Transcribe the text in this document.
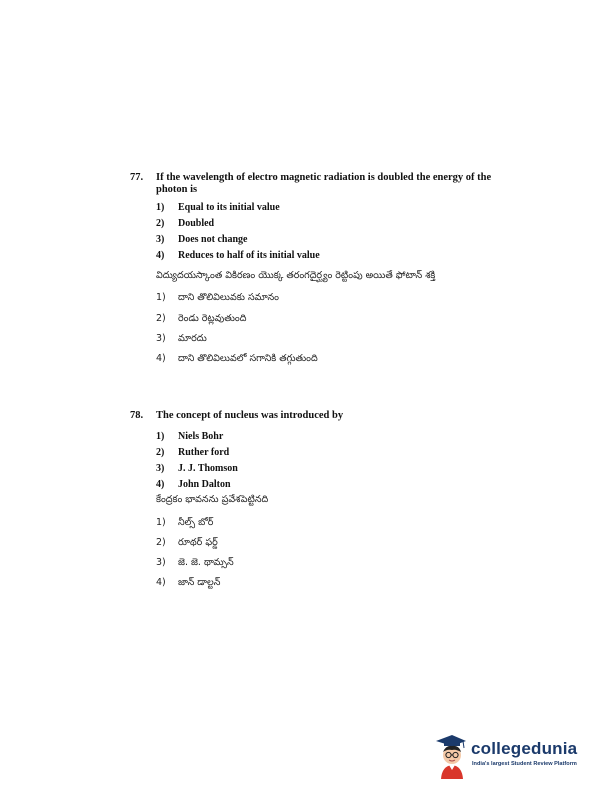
77. If the wavelength of electro magnetic radiation is doubled the energy of the
photon is
1) Equal to its initial value
2) Doubled
3) Does not change
4) Reduces to half of its initial value
విద్యుదయస్కాంత వికిరణం యొక్క తరంగదైర్ఘ్యం రెట్టింపు అయితే ఫోటాన్ శక్తి
1) దాని తొలివిలువకు సమానం
2) రెండు రెట్లవుతుంది
3) మారదు
4) దాని తొలివిలువలో సగానికి తగ్గుతుంది
78. The concept of nucleus was introduced by
1) Niels Bohr
2) Ruther ford
3) J. J. Thomson
4) John Dalton
కేంద్రకం భావనను ప్రవేశపెట్టినది
1) నీల్స్ బోర్
2) రూథర్ ఫర్డ్
3) జె. జె. థామ్సన్
4) జాన్ డాల్టన్
collegedunia
India's largest Student Review Platform
